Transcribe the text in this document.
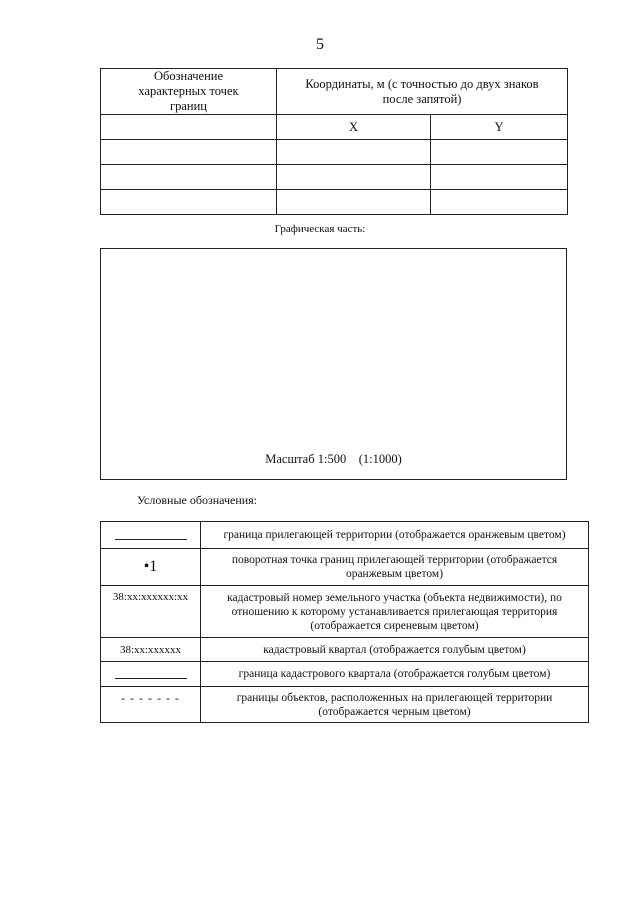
5
Обозначение характерных точек границ	Координаты, м (с точностью до двух знаков после запятой)	
	X	Y

Графическая часть:
Масштаб 1:500    (1:1000)
Условные обозначения:
	граница прилегающей территории (отображается оранжевым цветом)
•1	поворотная точка границ прилегающей территории (отображается оранжевым цветом)
38:хх:хххххх:хх	кадастровый номер земельного участка (объекта недвижимости), по отношению к которому устанавливается прилегающая территория (отображается сиреневым цветом)
38:хх:хххххх	кадастровый квартал (отображается голубым цветом)
	граница кадастрового квартала (отображается голубым цветом)
- - - - - - -	границы объектов, расположенных на прилегающей территории (отображается черным цветом)
